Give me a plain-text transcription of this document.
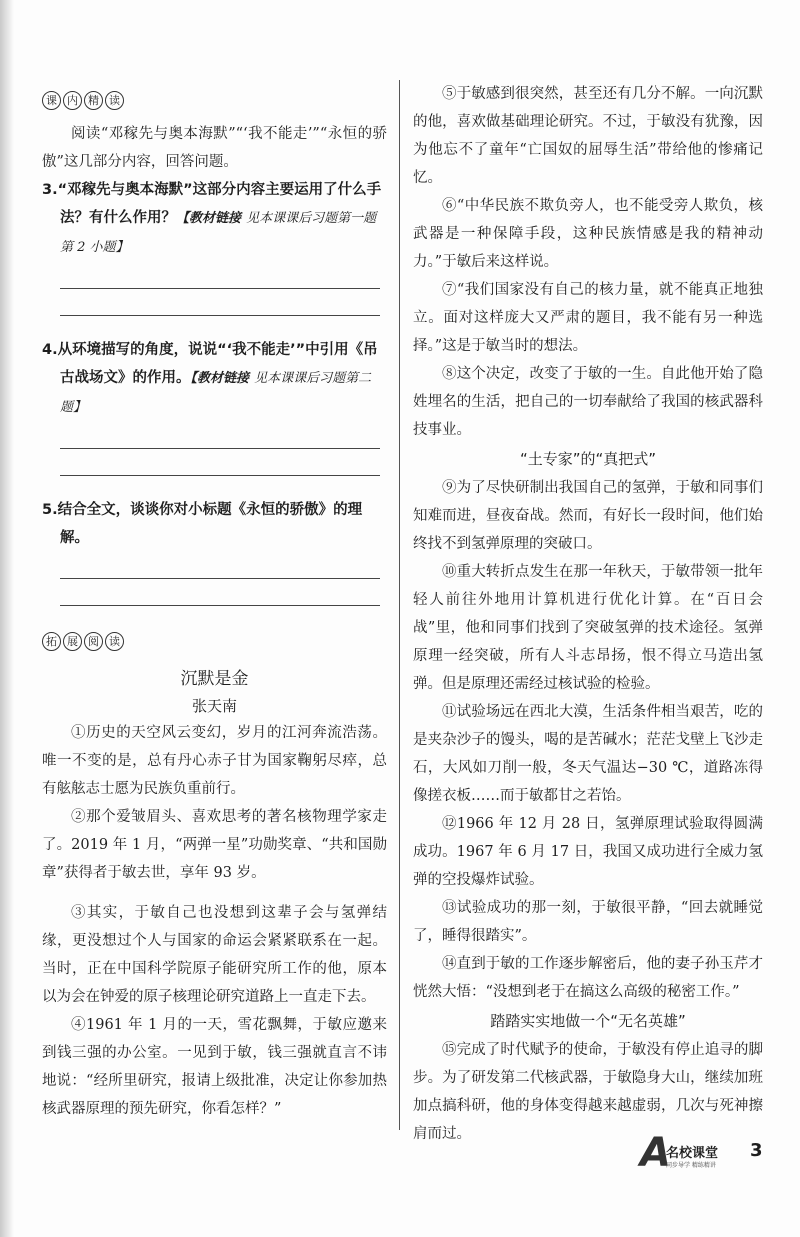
课 内 精 读

阅读“邓稼先与奥本海默”“‘我不能走’”“永恒的骄傲”这几部分内容，回答问题。

3.“邓稼先与奥本海默”这部分内容主要运用了什么手法？有什么作用？【教材链接 见本课课后习题第一题第 2 小题】
4.从环境描写的角度，说说“‘我不能走’”中引用《吊古战场文》的作用。【教材链接 见本课课后习题第二题】
5.结合全文，谈谈你对小标题《永恒的骄傲》的理解。
拓 展 阅 读
沉默是金
张天南

①历史的天空风云变幻，岁月的江河奔流浩荡。唯一不变的是，总有丹心赤子甘为国家鞠躬尽瘁，总有舷舷志士愿为民族负重前行。

②那个爱皱眉头、喜欢思考的著名核物理学家走了。2019 年 1 月，“两弹一星”功勋奖章、“共和国勋章”获得者于敏去世，享年 93 岁。

③其实，于敏自己也没想到这辈子会与氢弹结缘，更没想过个人与国家的命运会紧紧联系在一起。当时，正在中国科学院原子能研究所工作的他，原本以为会在钟爱的原子核理论研究道路上一直走下去。

④1961 年 1 月的一天，雪花飘舞，于敏应邀来到钱三强的办公室。一见到于敏，钱三强就直言不讳地说：“经所里研究，报请上级批准，决定让你参加热核武器原理的预先研究，你看怎样？”

⑤于敏感到很突然，甚至还有几分不解。一向沉默的他，喜欢做基础理论研究。不过，于敏没有犹豫，因为他忘不了童年“亡国奴的屈辱生活”带给他的惨痛记忆。

⑥“中华民族不欺负旁人，也不能受旁人欺负，核武器是一种保障手段，这种民族情感是我的精神动力。”于敏后来这样说。

⑦“我们国家没有自己的核力量，就不能真正地独立。面对这样庞大又严肃的题目，我不能有另一种选择。”这是于敏当时的想法。

⑧这个决定，改变了于敏的一生。自此他开始了隐姓埋名的生活，把自己的一切奉献给了我国的核武器科技事业。

“土专家”的“真把式”

⑨为了尽快研制出我国自己的氢弹，于敏和同事们知难而进，昼夜奋战。然而，有好长一段时间，他们始终找不到氢弹原理的突破口。

⑩重大转折点发生在那一年秋天，于敏带领一批年轻人前往外地用计算机进行优化计算。在“百日会战”里，他和同事们找到了突破氢弹的技术途径。氢弹原理一经突破，所有人斗志昂扬，恨不得立马造出氢弹。但是原理还需经过核试验的检验。

⑪试验场远在西北大漠，生活条件相当艰苦，吃的是夹杂沙子的馒头，喝的是苦碱水；茫茫戈壁上飞沙走石，大风如刀削一般，冬天气温达−30 ℃，道路冻得像搓衣板……而于敏都甘之若饴。

⑫1966 年 12 月 28 日，氢弹原理试验取得圆满成功。1967 年 6 月 17 日，我国又成功进行全威力氢弹的空投爆炸试验。

⑬试验成功的那一刻，于敏很平静，“回去就睡觉了，睡得很踏实”。

⑭直到于敏的工作逐步解密后，他的妻子孙玉芹才恍然大悟：“没想到老于在搞这么高级的秘密工作。”

踏踏实实地做一个“无名英雄”

⑮完成了时代赋予的使命，于敏没有停止追寻的脚步。为了研发第二代核武器，于敏隐身大山，继续加班加点搞科研，他的身体变得越来越虚弱，几次与死神擦肩而过。	A
名校课堂
同步导学 精练精讲
3
